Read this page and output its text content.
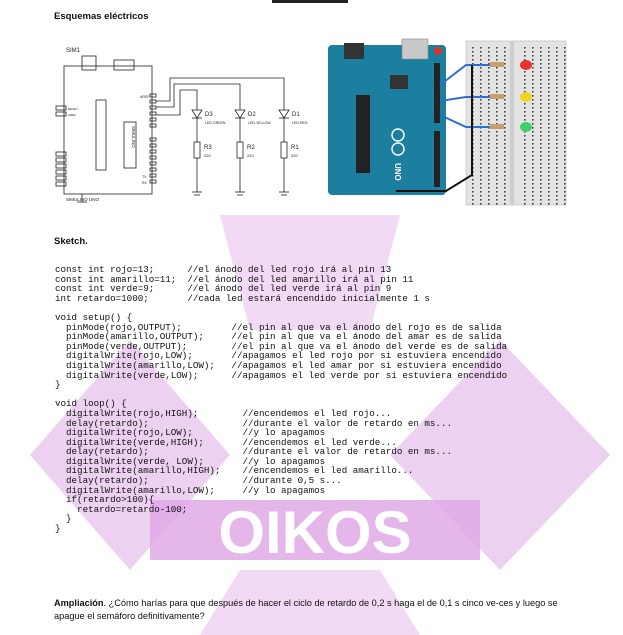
Esquemas eléctricos
OIKOS
SIM1
AREF
SIMULINO UNO
SIMULINO
D3
LED-GREEN
D2
LED-YELLOW
D1
LED-RED
R3
220
R2
220
R1
220
TX
RX
RESET
AREF
UNO
Sketch.
const int rojo=13;      //el ánodo del led rojo irá al pin 13
const int amarillo=11;  //el ánodo del led amarillo irá al pin 11
const int verde=9;      //el ánodo del led verde irá al pin 9
int retardo=1000;       //cada led estará encendido inicialmente 1 s
void setup() {
pinMode(rojo,OUTPUT);         //el pin al que va el ánodo del rojo es de salida
pinMode(amarillo,OUTPUT);     //el pin al que va el ánodo del amar es de salida
pinMode(verde,OUTPUT);        //el pin al que va el ánodo del verde es de salida
digitalWrite(rojo,LOW);       //apagamos el led rojo por si estuviera encendido
digitalWrite(amarillo,LOW);   //apagamos el led amar por si estuviera encendido
digitalWrite(verde,LOW);      //apagamos el led verde por si estuviera encendido
}
void loop() {
digitalWrite(rojo,HIGH);        //encendemos el led rojo...
delay(retardo);                 //durante el valor de retardo en ms...
digitalWrite(rojo,LOW);         //y lo apagamos
digitalWrite(verde,HIGH);       //encendemos el led verde...
delay(retardo);                 //durante el valor de retardo en ms...
digitalWrite(verde, LOW);       //y lo apagamos
digitalWrite(amarillo,HIGH);    //encendemos el led amarillo...
delay(retardo);                 //durante 0,5 s...
digitalWrite(amarillo,LOW);     //y lo apagamos
if(retardo>100){
retardo=retardo-100;
}
}
Ampliación. ¿Cómo harías para que después de hacer el ciclo de retardo de 0,2 s haga el de 0,1 s cinco ve-ces y luego se apague el semáforo definitivamente?
